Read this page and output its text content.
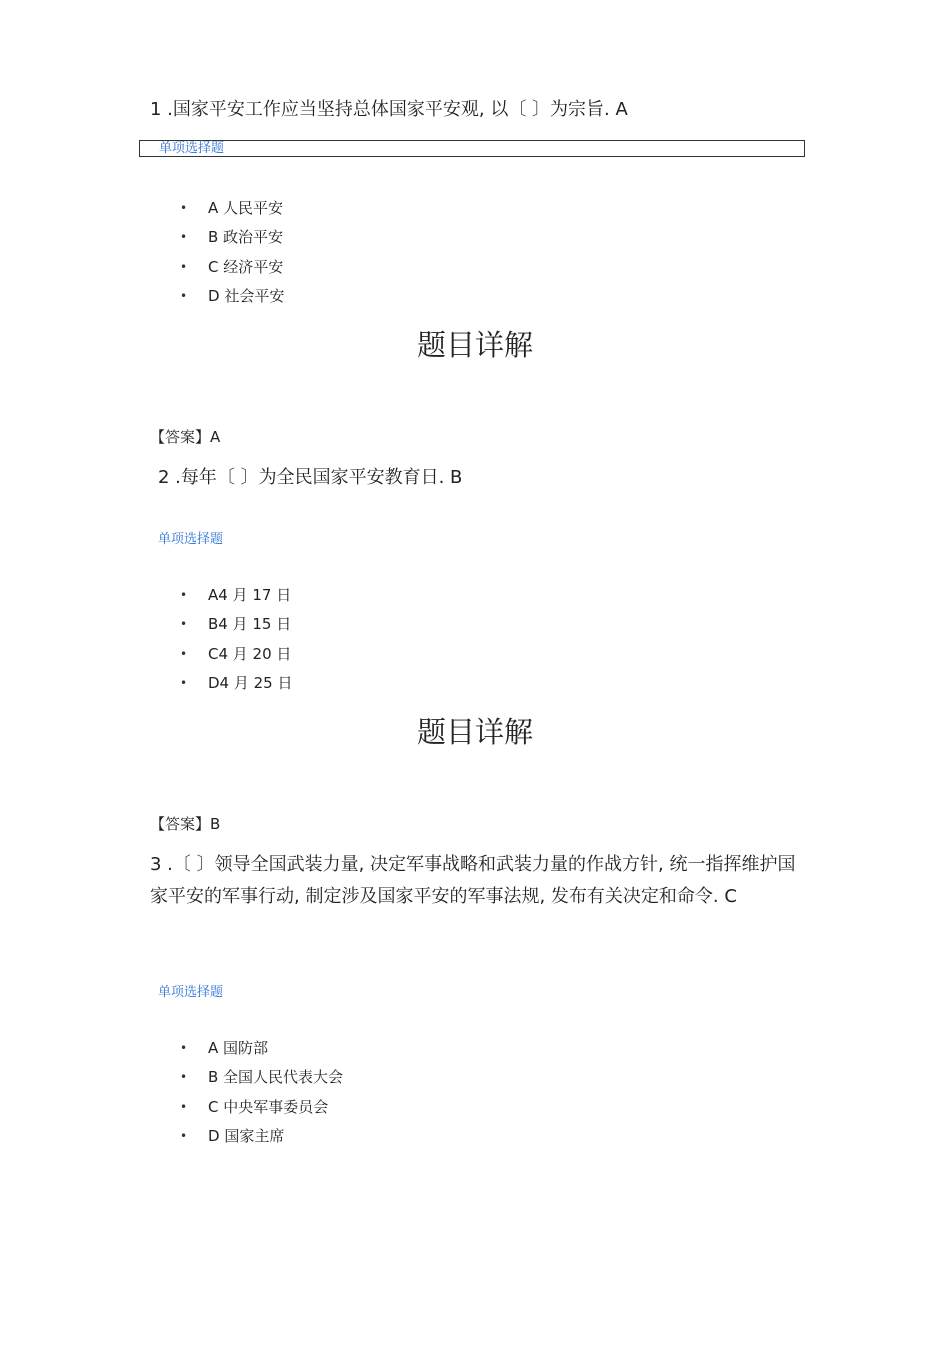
1 .国家平安工作应当坚持总体国家平安观, 以〔 〕为宗旨. A
单项选择题
• A 人民平安
• B 政治平安
• C 经济平安
• D 社会平安
题目详解
【答案】A
2 .每年〔 〕为全民国家平安教育日. B
单项选择题
• A4 月 17 日
• B4 月 15 日
• C4 月 20 日
• D4 月 25 日
题目详解
【答案】B
3 .〔 〕领导全国武装力量, 决定军事战略和武装力量的作战方针, 统一指挥维护国家平安的军事行动, 制定涉及国家平安的军事法规, 发布有关决定和命令. C
单项选择题
• A 国防部
• B 全国人民代表大会
• C 中央军事委员会
• D 国家主席
